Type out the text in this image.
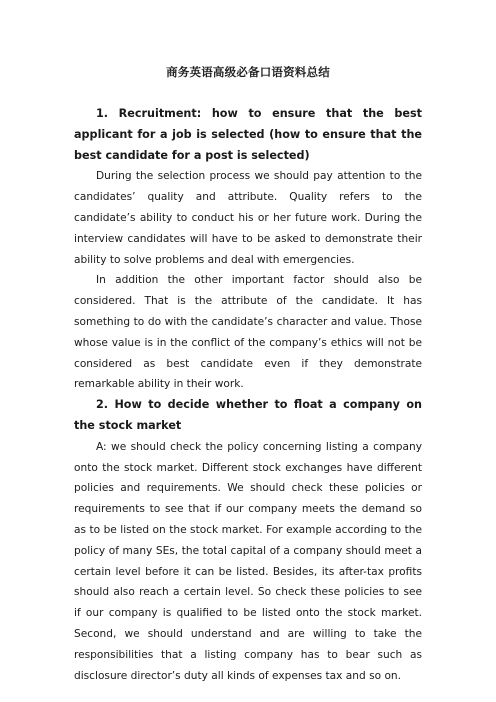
商务英语高级必备口语资料总结
1. Recruitment: how to ensure that the best applicant for a job is selected (how to ensure that the best candidate for a post is selected)

During the selection process we should pay attention to the candidates’ quality and attribute. Quality refers to the candidate’s ability to conduct his or her future work. During the interview candidates will have to be asked to demonstrate their ability to solve problems and deal with emergencies.

In addition the other important factor should also be considered. That is the attribute of the candidate. It has something to do with the candidate’s character and value. Those whose value is in the conflict of the company’s ethics will not be considered as best candidate even if they demonstrate remarkable ability in their work.

2. How to decide whether to float a company on the stock market

A: we should check the policy concerning listing a company onto the stock market. Different stock exchanges have different policies and requirements. We should check these policies or requirements to see that if our company meets the demand so as to be listed on the stock market. For example according to the policy of many SEs, the total capital of a company should meet a certain level before it can be listed. Besides, its after-tax profits should also reach a certain level. So check these policies to see if our company is qualified to be listed onto the stock market. Second, we should understand and are willing to take the responsibilities that a listing company has to bear such as disclosure director’s duty all kinds of expenses tax and so on.
